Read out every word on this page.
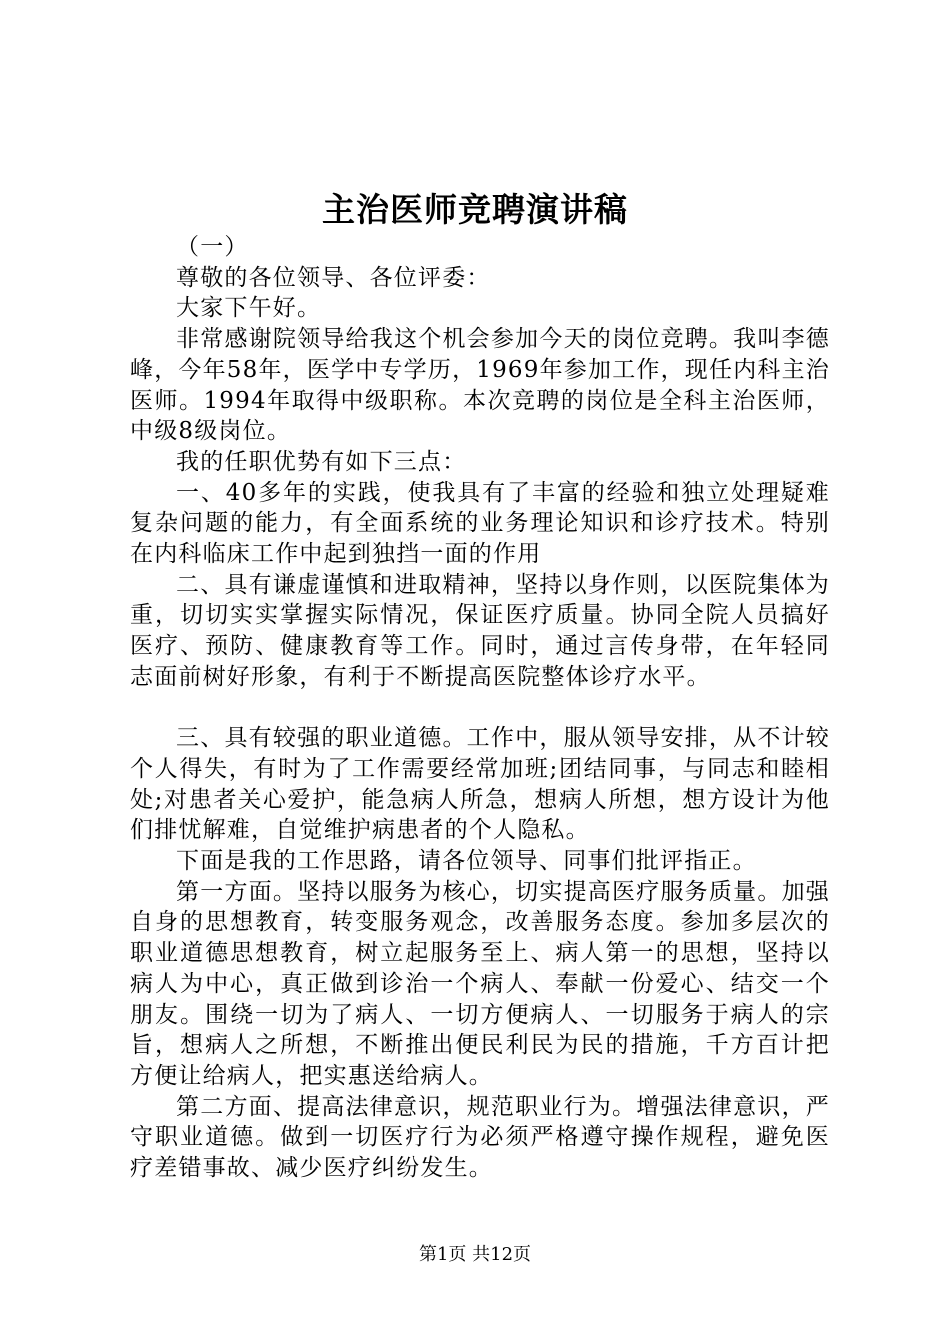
主治医师竞聘演讲稿

（一）

尊敬的各位领导、各位评委：

大家下午好。

非常感谢院领导给我这个机会参加今天的岗位竞聘。我叫李德峰，今年58年，医学中专学历，1969年参加工作，现任内科主治医师。1994年取得中级职称。本次竞聘的岗位是全科主治医师，中级8级岗位。

我的任职优势有如下三点：

一、40多年的实践，使我具有了丰富的经验和独立处理疑难复杂问题的能力，有全面系统的业务理论知识和诊疗技术。特别在内科临床工作中起到独挡一面的作用

二、具有谦虚谨慎和进取精神，坚持以身作则，以医院集体为重，切切实实掌握实际情况，保证医疗质量。协同全院人员搞好医疗、预防、健康教育等工作。同时，通过言传身带，在年轻同志面前树好形象，有利于不断提高医院整体诊疗水平。

三、具有较强的职业道德。工作中，服从领导安排，从不计较个人得失，有时为了工作需要经常加班;团结同事，与同志和睦相处;对患者关心爱护，能急病人所急，想病人所想，想方设计为他们排忧解难，自觉维护病患者的个人隐私。

下面是我的工作思路，请各位领导、同事们批评指正。

第一方面。坚持以服务为核心，切实提高医疗服务质量。加强自身的思想教育，转变服务观念，改善服务态度。参加多层次的职业道德思想教育，树立起服务至上、病人第一的思想，坚持以病人为中心，真正做到诊治一个病人、奉献一份爱心、结交一个朋友。围绕一切为了病人、一切方便病人、一切服务于病人的宗旨，想病人之所想，不断推出便民利民为民的措施，千方百计把方便让给病人，把实惠送给病人。

第二方面、提高法律意识，规范职业行为。增强法律意识，严守职业道德。做到一切医疗行为必须严格遵守操作规程，避免医疗差错事故、减少医疗纠纷发生。

第1页 共12页
